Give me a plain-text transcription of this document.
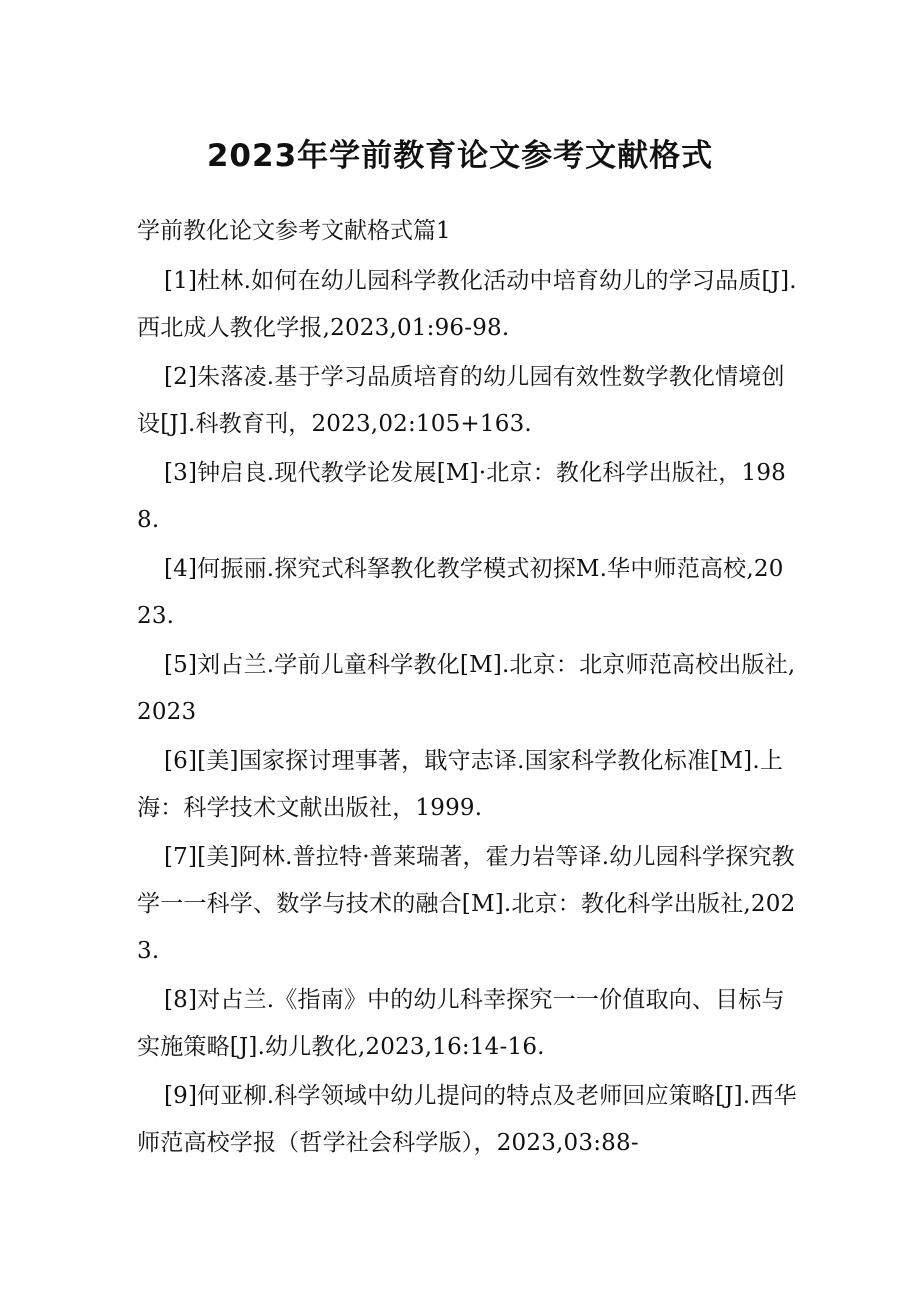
2023年学前教育论文参考文献格式

学前教化论文参考文献格式篇1

[1]杜林.如何在幼儿园科学教化活动中培育幼儿的学习品质[J].西北成人教化学报,2023,01:96-98.

[2]朱落凌.基于学习品质培育的幼儿园有效性数学教化情境创设[J].科教育刊，2023,02:105+163.

[3]钟启良.现代教学论发展[M]·北京：教化科学出版社，1988.

[4]何振丽.探究式科拏教化教学模式初探M.华中师范高校,2023.

[5]刘占兰.学前儿童科学教化[M].北京：北京师范高校出版社,2023

[6][美]国家探讨理事著，戢守志译.国家科学教化标准[M].上海：科学技术文献出版社，1999.

[7][美]阿林.普拉特·普莱瑞著，霍力岩等译.幼儿园科学探究教学一一科学、数学与技术的融合[M].北京：教化科学出版社,2023.

[8]对占兰.《指南》中的幼儿科幸探究一一价值取向、目标与实施策略[J].幼儿教化,2023,16:14-16.

[9]何亚柳.科学领域中幼儿提问的特点及老师回应策略[J].西华师范高校学报（哲学社会科学版），2023,03:88-
